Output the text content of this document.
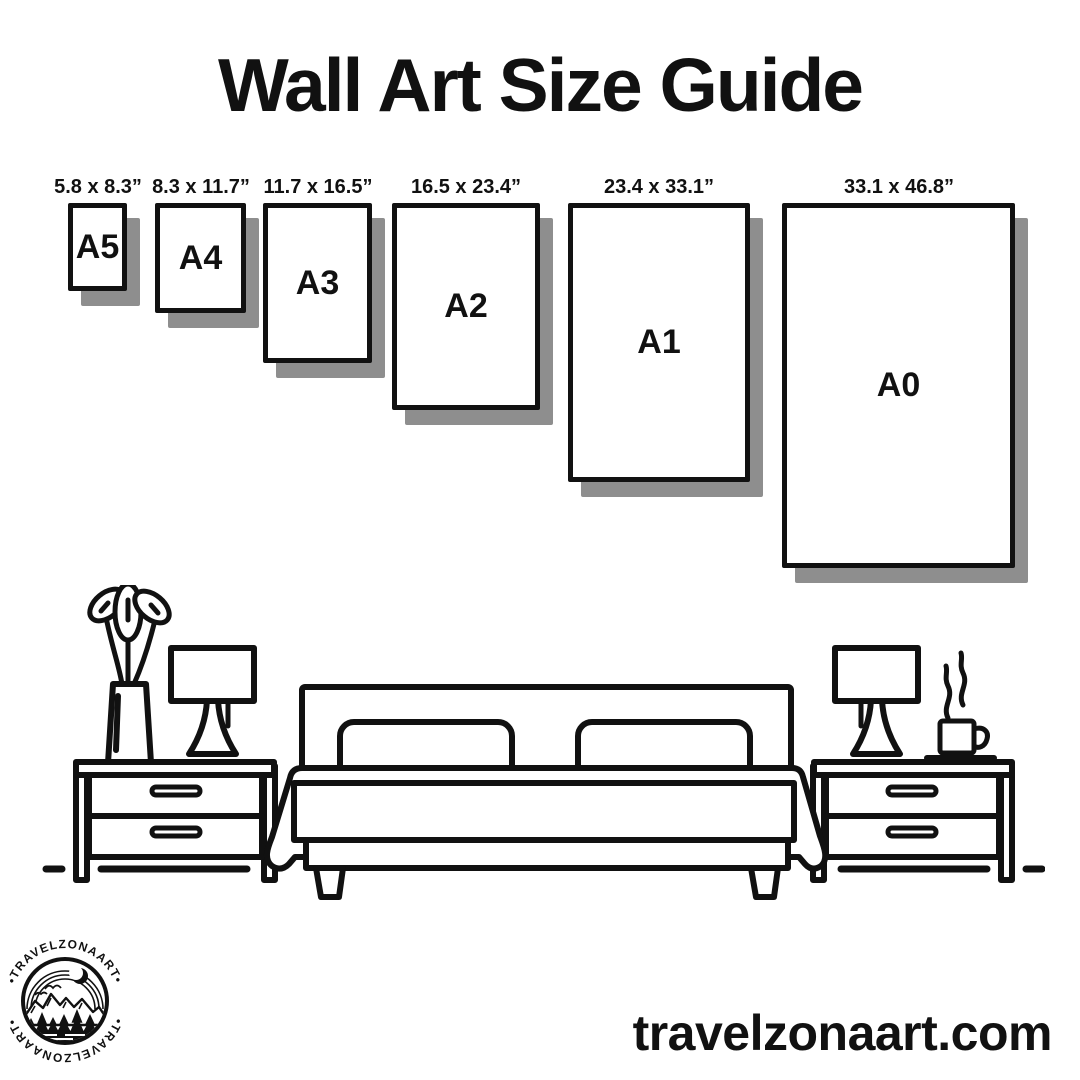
Wall Art Size Guide
5.8 x 8.3” 8.3 x 11.7” 11.7 x 16.5”	16.5 x 23.4”	23.4 x 33.1”	33.1 x 46.8”
A5 A4
A3
A2
A1
A0
•TRAVELZONAART•
•TRAVELZONAART•	travelzonaart.com
